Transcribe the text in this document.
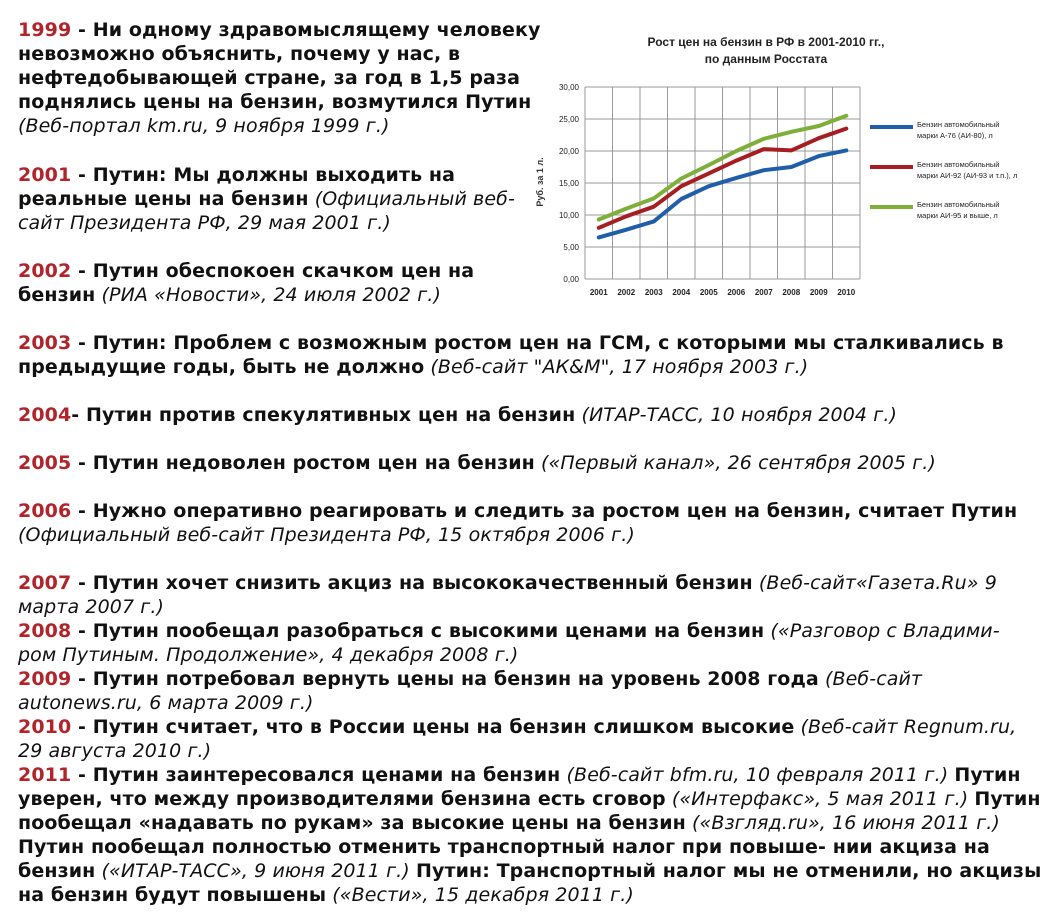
1999 - Ни одному здравомыслящему человеку невозможно объяснить, почему у нас, в нефтедобывающей стране, за год в 1,5 раза поднялись цены на бензин, возмутился Путин (Веб-портал km.ru, 9 ноября 1999 г.)
2001 - Путин: Мы должны выходить на реальные цены на бензин (Официальный веб-сайт Президента РФ, 29 мая 2001 г.)
2002 - Путин обеспокоен скачком цен на бензин (РИА «Новости», 24 июля 2002 г.)
2003 - Путин: Проблем с возможным ростом цен на ГСМ, с которыми мы сталкивались в предыдущие годы, быть не должно (Веб-сайт "АК&M", 17 ноября 2003 г.)
2004- Путин против спекулятивных цен на бензин (ИТАР-ТАСС, 10 ноября 2004 г.)
2005 - Путин недоволен ростом цен на бензин («Первый канал», 26 сентября 2005 г.)
2006 - Нужно оперативно реагировать и следить за ростом цен на бензин, считает Путин (Официальный веб-сайт Президента РФ, 15 октября 2006 г.)
2007 - Путин хочет снизить акциз на высококачественный бензин (Веб-сайт«Газета.Ru» 9 марта 2007 г.)
2008 - Путин пообещал разобраться с высокими ценами на бензин («Разговор с Владими- ром Путиным. Продолжение», 4 декабря 2008 г.)
2009 - Путин потребовал вернуть цены на бензин на уровень 2008 года (Веб-сайт autonews.ru, 6 марта 2009 г.)
2010 - Путин считает, что в России цены на бензин слишком высокие (Веб-сайт Regnum.ru, 29 августа 2010 г.)
2011 - Путин заинтересовался ценами на бензин (Веб-сайт bfm.ru, 10 февраля 2011 г.) Путин уверен, что между производителями бензина есть сговор («Интерфакс», 5 мая 2011 г.) Путин пообещал «надавать по рукам» за высокие цены на бензин («Взгляд.ru», 16 июня 2011 г.) Путин пообещал полностью отменить транспортный налог при повыше- нии акциза на бензин («ИТАР-ТАСС», 9 июня 2011 г.) Путин: Транспортный налог мы не отменили, но акцизы на бензин будут повышены («Вести», 15 декабря 2011 г.)
Рост цен на бензин в РФ в 2001-2010 гг.,
по данным Росстата
Руб. за 1 л.
0,00
5,00
10,00
15,00
20,00
25,00
30,00
2001 2002 2003 2004 2005 2006 2007 2008 2009 2010
Бензин автомобильный
марки А-76 (АИ-80), л
Бензин автомобильный
марки АИ-92 (АИ-93 и т.п.), л
Бензин автомобильный
марки АИ-95 и выше, л
